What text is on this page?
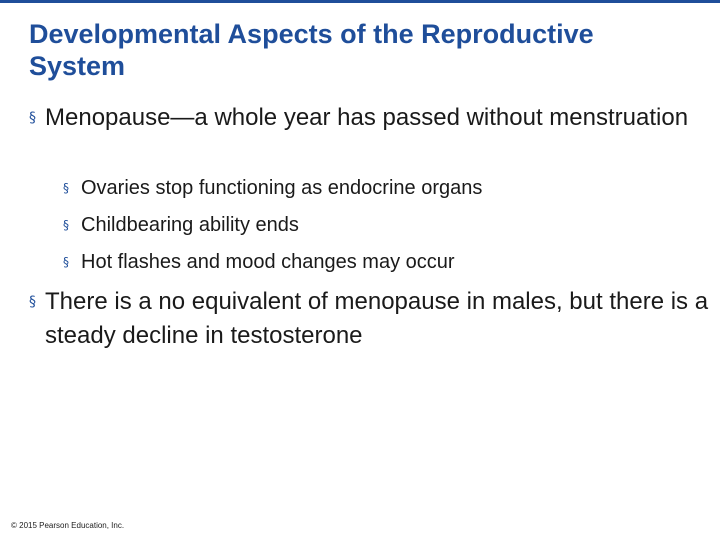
Developmental Aspects of the Reproductive
System
§ Menopause—a whole year has passed without menstruation
§ Ovaries stop functioning as endocrine organs
§ Childbearing ability ends
§ Hot flashes and mood changes may occur
§ There is a no equivalent of menopause in males, but there is a steady decline in testosterone
© 2015 Pearson Education, Inc.
